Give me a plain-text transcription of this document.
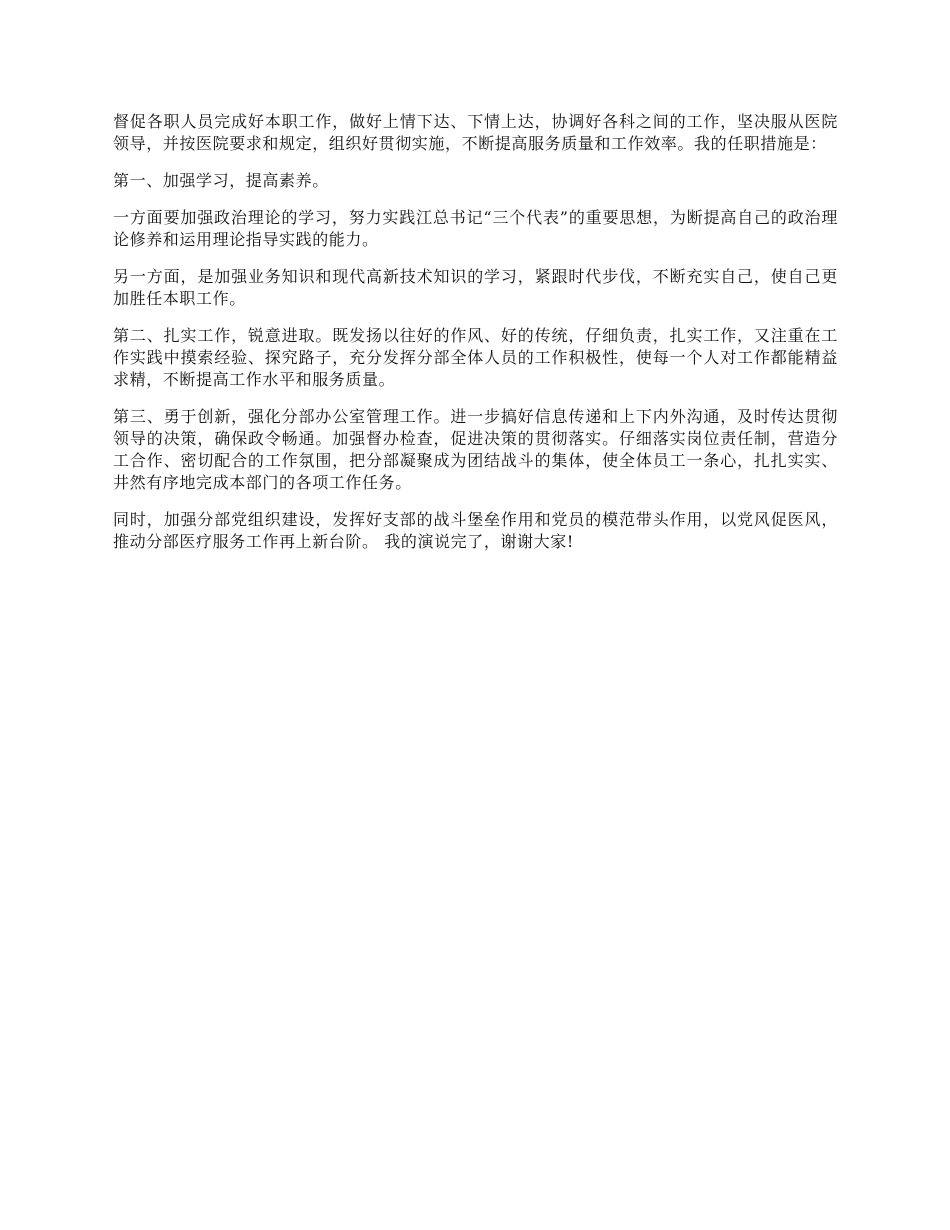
督促各职人员完成好本职工作，做好上情下达、下情上达，协调好各科之间的工作，坚决服从医院领导，并按医院要求和规定，组织好贯彻实施，不断提高服务质量和工作效率。我的任职措施是：

第一、加强学习，提高素养。

一方面要加强政治理论的学习，努力实践江总书记“三个代表”的重要思想，为断提高自己的政治理论修养和运用理论指导实践的能力。

另一方面，是加强业务知识和现代高新技术知识的学习，紧跟时代步伐，不断充实自己，使自己更加胜任本职工作。

第二、扎实工作，锐意进取。既发扬以往好的作风、好的传统，仔细负责，扎实工作，又注重在工作实践中摸索经验、探究路子，充分发挥分部全体人员的工作积极性，使每一个人对工作都能精益求精，不断提高工作水平和服务质量。

第三、勇于创新，强化分部办公室管理工作。进一步搞好信息传递和上下内外沟通，及时传达贯彻领导的决策，确保政令畅通。加强督办检查，促进决策的贯彻落实。仔细落实岗位责任制，营造分工合作、密切配合的工作氛围，把分部凝聚成为团结战斗的集体，使全体员工一条心，扎扎实实、井然有序地完成本部门的各项工作任务。

同时，加强分部党组织建设，发挥好支部的战斗堡垒作用和党员的模范带头作用，以党风促医风，推动分部医疗服务工作再上新台阶。 我的演说完了，谢谢大家!
